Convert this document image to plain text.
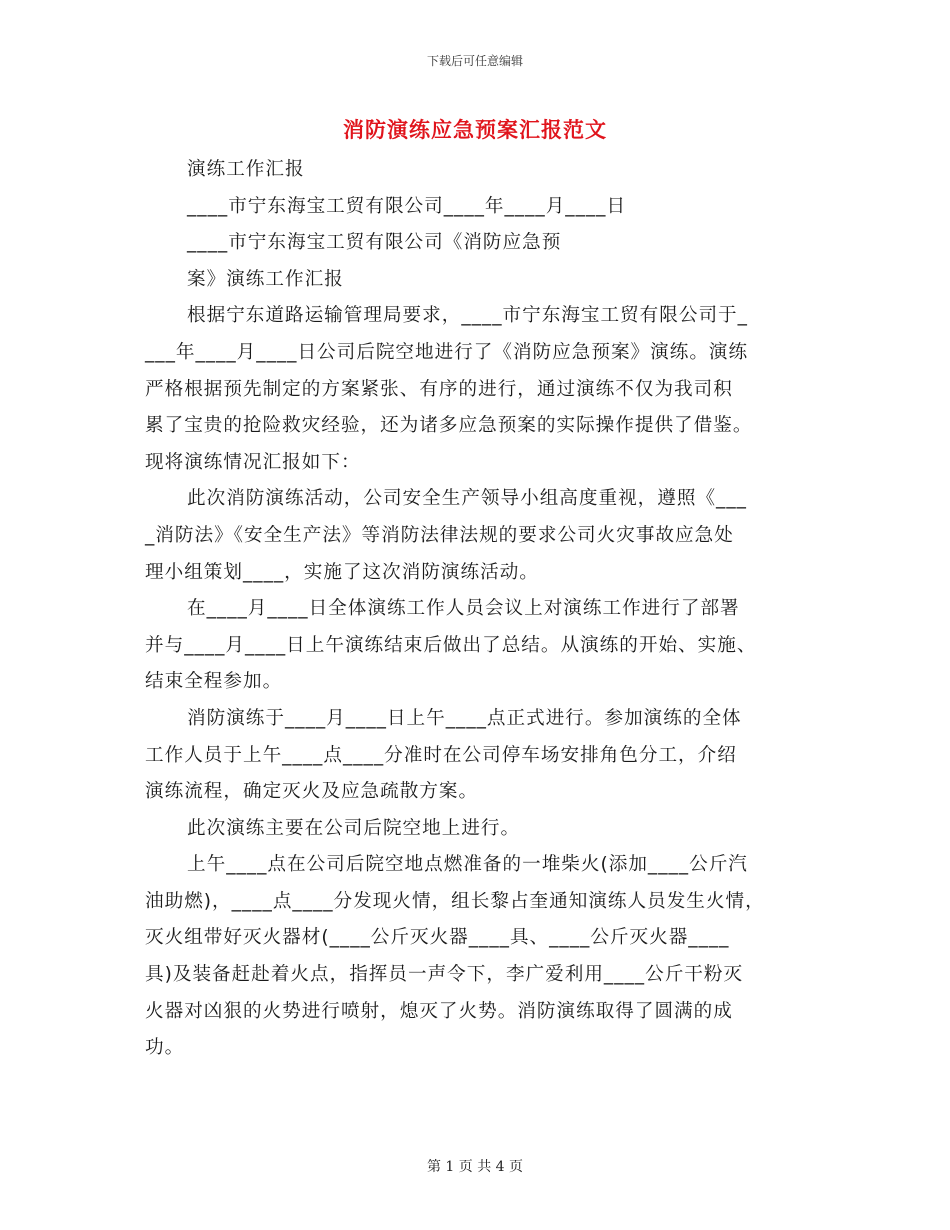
下载后可任意编辑
消防演练应急预案汇报范文
演练工作汇报
____市宁东海宝工贸有限公司____年____月____日
____市宁东海宝工贸有限公司《消防应急预
案》演练工作汇报
根据宁东道路运输管理局要求，____市宁东海宝工贸有限公司于_
___年____月____日公司后院空地进行了《消防应急预案》演练。演练
严格根据预先制定的方案紧张、有序的进行，通过演练不仅为我司积
累了宝贵的抢险救灾经验，还为诸多应急预案的实际操作提供了借鉴。
现将演练情况汇报如下：
此次消防演练活动，公司安全生产领导小组高度重视，遵照《___
_消防法》《安全生产法》等消防法律法规的要求公司火灾事故应急处
理小组策划____，实施了这次消防演练活动。
在____月____日全体演练工作人员会议上对演练工作进行了部署
并与____月____日上午演练结束后做出了总结。从演练的开始、实施、
结束全程参加。
消防演练于____月____日上午____点正式进行。参加演练的全体
工作人员于上午____点____分准时在公司停车场安排角色分工，介绍
演练流程，确定灭火及应急疏散方案。
此次演练主要在公司后院空地上进行。
上午____点在公司后院空地点燃准备的一堆柴火(添加____公斤汽
油助燃)，____点____分发现火情，组长黎占奎通知演练人员发生火情，
灭火组带好灭火器材(____公斤灭火器____具、____公斤灭火器____
具)及装备赶赴着火点，指挥员一声令下，李广爱利用____公斤干粉灭
火器对凶狠的火势进行喷射，熄灭了火势。消防演练取得了圆满的成
功。
第 1 页 共 4 页
